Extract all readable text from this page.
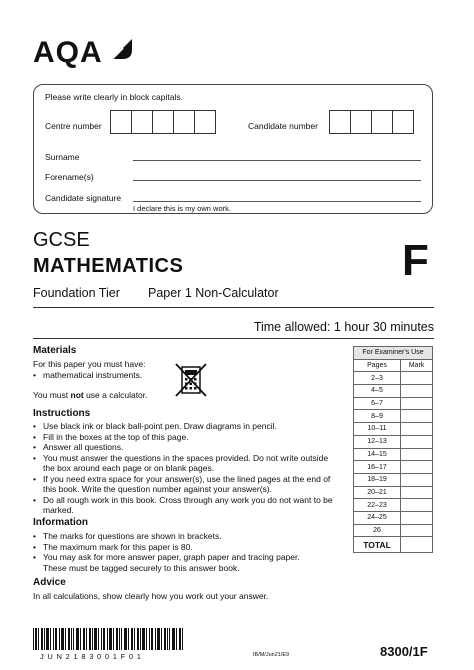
AQA
Please write clearly in block capitals.
Centre number	Candidate number
Surname
Forename(s)
Candidate signature
I declare this is my own work.
GCSE
MATHEMATICS	F
Foundation Tier Paper 1 Non-Calculator
Time allowed: 1 hour 30 minutes
Materials
For this paper you must have:
• mathematical instruments.
You must not use a calculator.
Instructions
• Use black ink or black ball-point pen. Draw diagrams in pencil.
• Fill in the boxes at the top of this page.
• Answer all questions.
• You must answer the questions in the spaces provided. Do not write outside the box around each page or on blank pages.
• If you need extra space for your answer(s), use the lined pages at the end of this book. Write the question number against your answer(s).
• Do all rough work in this book. Cross through any work you do not want to be marked.
Information
• The marks for questions are shown in brackets.
• The maximum mark for this paper is 80.
• You may ask for more answer paper, graph paper and tracing paper. These must be tagged securely to this answer book.
Advice
In all calculations, show clearly how you work out your answer.
For Examiner's Use	
Pages	Mark
2–3	
4–5	
6–7	
8–9	
10–11	
12–13	
14–15	
16–17	
18–19	
20–21	
22–23	
24–25	
26	
TOTAL	
J U N 2 1 8 3 0 0 1 F 0 1	IB/M/Jun21/E9	8300/1F
